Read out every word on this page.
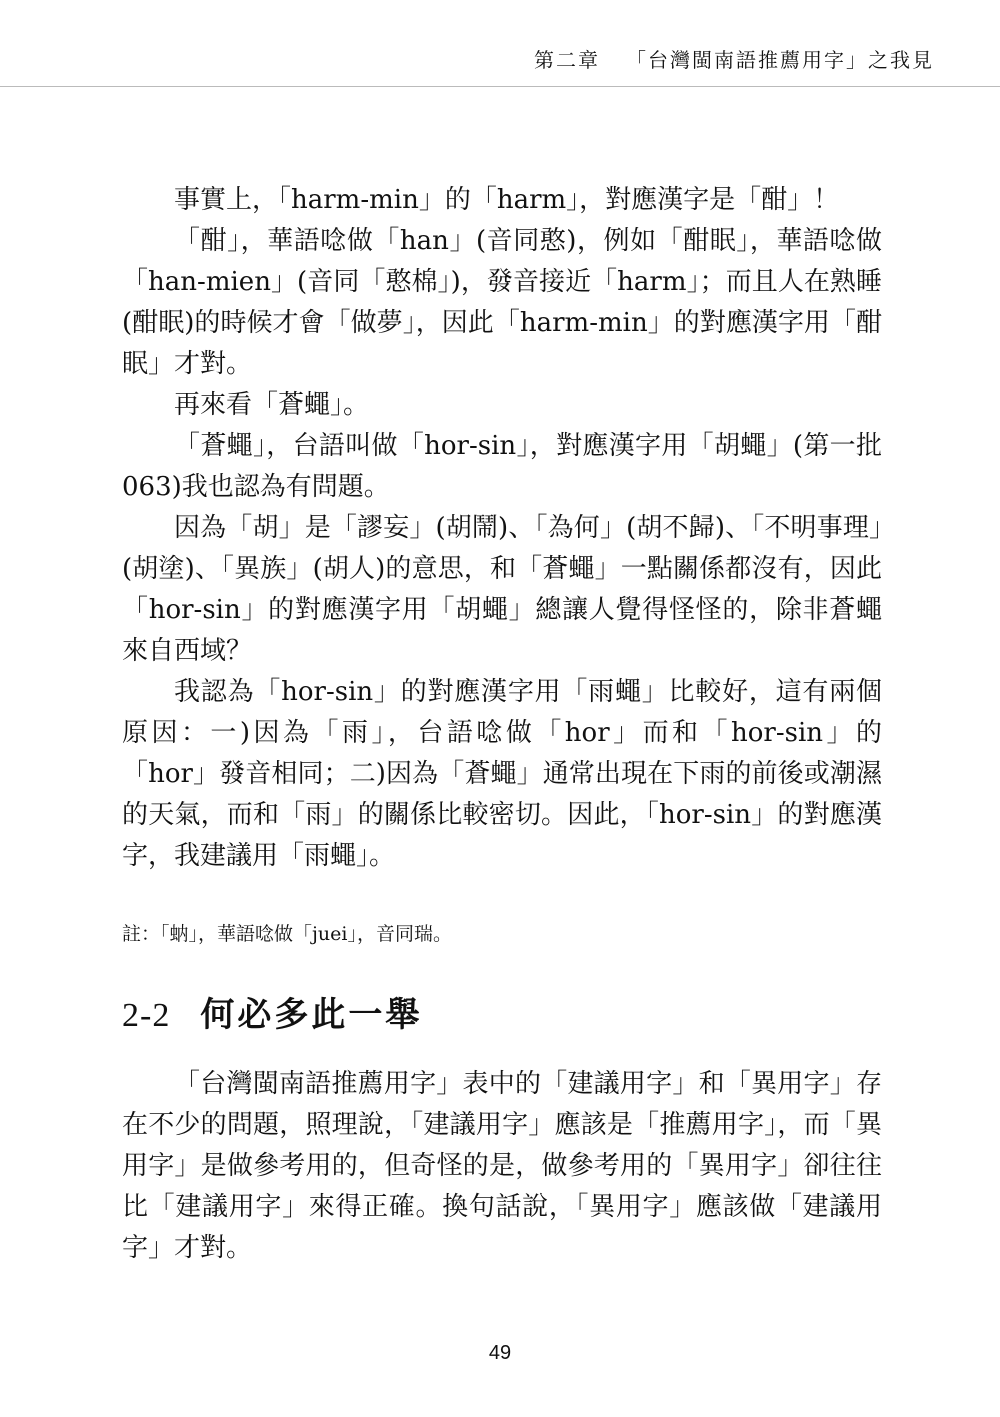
第二章 「台灣閩南語推薦用字」之我見

事實上，「harm-min」的「harm」，對應漢字是「酣」！

「酣」，華語唸做「han」(音同憨)，例如「酣眠」，華語唸做「han-mien」(音同「憨棉」)，發音接近「harm」；而且人在熟睡(酣眠)的時候才會「做夢」，因此「harm-min」的對應漢字用「酣眠」才對。

再來看「蒼蠅」。

「蒼蠅」，台語叫做「hor-sin」，對應漢字用「胡蠅」(第一批 063)我也認為有問題。

因為「胡」是「謬妄」(胡鬧)、「為何」(胡不歸)、「不明事理」(胡塗)、「異族」(胡人)的意思，和「蒼蠅」一點關係都沒有，因此「hor-sin」的對應漢字用「胡蠅」總讓人覺得怪怪的，除非蒼蠅來自西域？

我認為「hor-sin」的對應漢字用「雨蠅」比較好，這有兩個原因：一)因為「雨」，台語唸做「hor」而和「hor-sin」的「hor」發音相同；二)因為「蒼蠅」通常出現在下雨的前後或潮濕的天氣，而和「雨」的關係比較密切。因此，「hor-sin」的對應漢字，我建議用「雨蠅」。

註：「蚋」，華語唸做「juei」，音同瑞。

2-2 何必多此一舉

「台灣閩南語推薦用字」表中的「建議用字」和「異用字」存在不少的問題，照理說，「建議用字」應該是「推薦用字」，而「異用字」是做參考用的，但奇怪的是，做參考用的「異用字」卻往往比「建議用字」來得正確。換句話說，「異用字」應該做「建議用字」才對。

49
